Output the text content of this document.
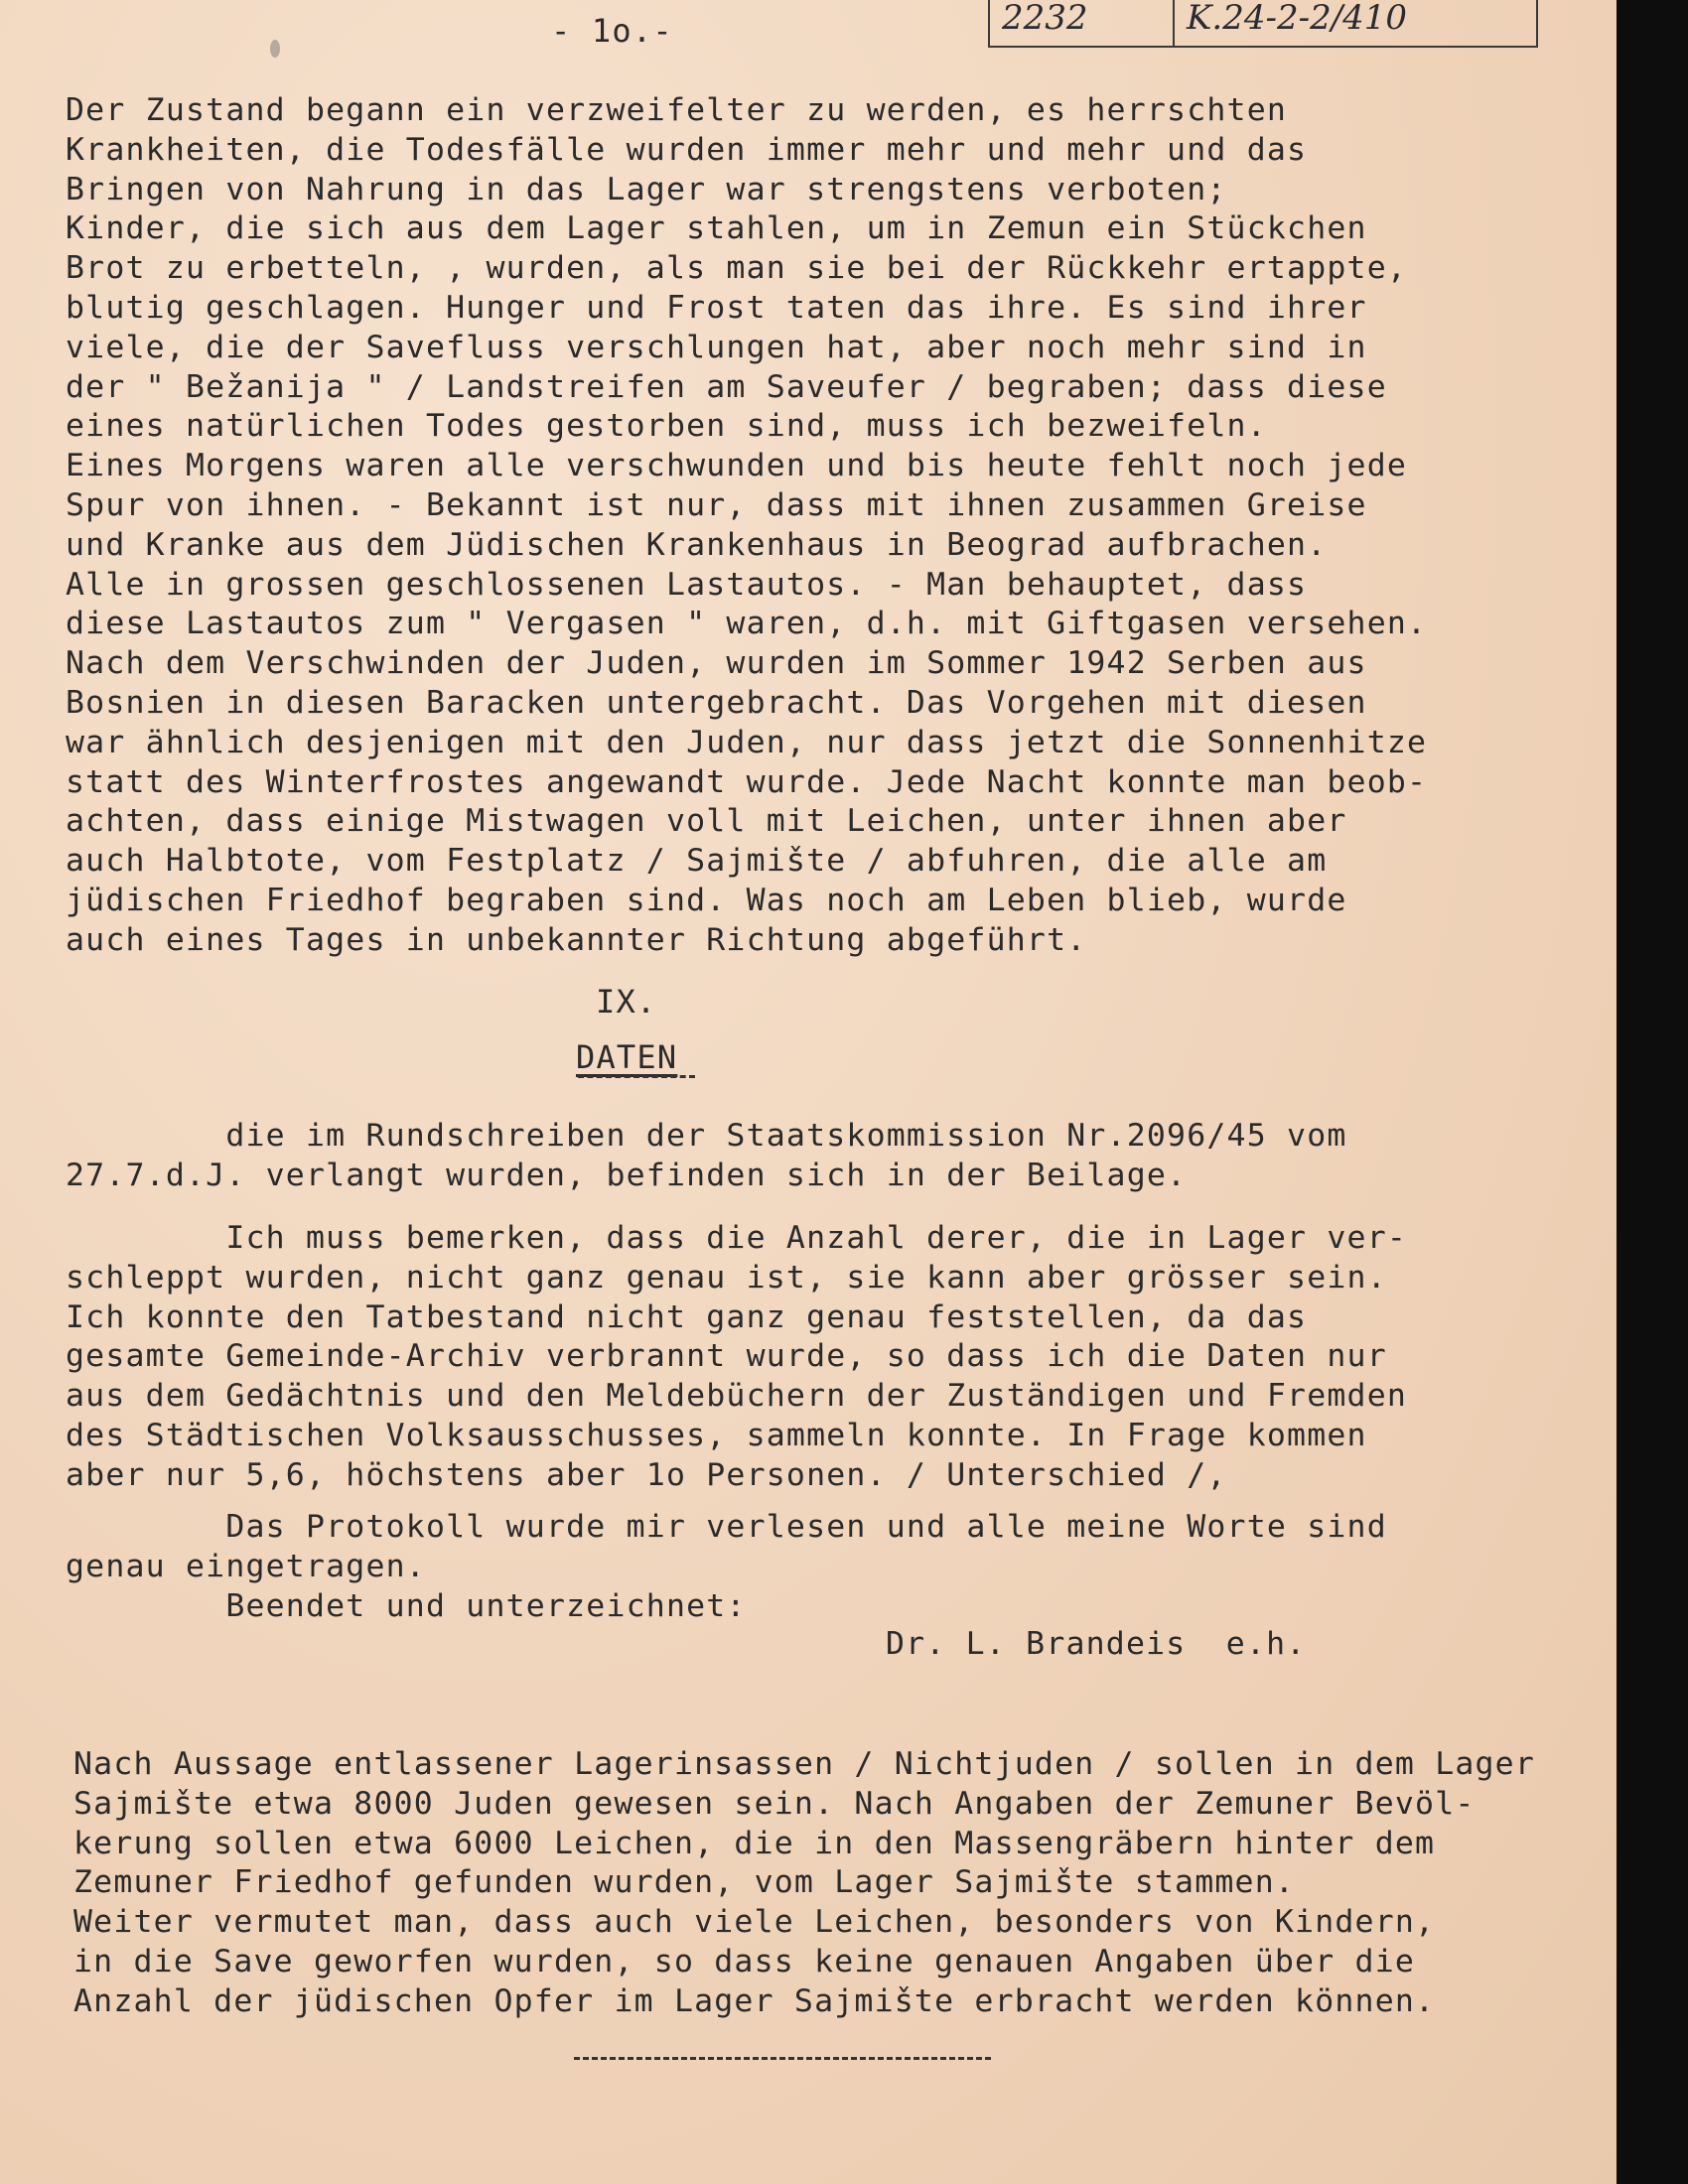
- 1o.-	2232	K.24-2-2/410
Der Zustand begann ein verzweifelter zu werden, es herrschten
Krankheiten, die Todesfälle wurden immer mehr und mehr und das
Bringen von Nahrung in das Lager war strengstens verboten;
Kinder, die sich aus dem Lager stahlen, um in Zemun ein Stückchen
Brot zu erbetteln, , wurden, als man sie bei der Rückkehr ertappte,
blutig geschlagen. Hunger und Frost taten das ihre. Es sind ihrer
viele, die der Savefluss verschlungen hat, aber noch mehr sind in
der " Bežanija " / Landstreifen am Saveufer / begraben; dass diese
eines natürlichen Todes gestorben sind, muss ich bezweifeln.
Eines Morgens waren alle verschwunden und bis heute fehlt noch jede
Spur von ihnen. - Bekannt ist nur, dass mit ihnen zusammen Greise
und Kranke aus dem Jüdischen Krankenhaus in Beograd aufbrachen.
Alle in grossen geschlossenen Lastautos. - Man behauptet, dass
diese Lastautos zum " Vergasen " waren, d.h. mit Giftgasen versehen.
Nach dem Verschwinden der Juden, wurden im Sommer 1942 Serben aus
Bosnien in diesen Baracken untergebracht. Das Vorgehen mit diesen
war ähnlich desjenigen mit den Juden, nur dass jetzt die Sonnenhitze
statt des Winterfrostes angewandt wurde. Jede Nacht konnte man beob-
achten, dass einige Mistwagen voll mit Leichen, unter ihnen aber
auch Halbtote, vom Festplatz / Sajmište / abfuhren, die alle am
jüdischen Friedhof begraben sind. Was noch am Leben blieb, wurde
auch eines Tages in unbekannter Richtung abgeführt.
IX.
DATEN
die im Rundschreiben der Staatskommission Nr.2096/45 vom
27.7.d.J. verlangt wurden, befinden sich in der Beilage.
Ich muss bemerken, dass die Anzahl derer, die in Lager ver-
schleppt wurden, nicht ganz genau ist, sie kann aber grösser sein.
Ich konnte den Tatbestand nicht ganz genau feststellen, da das
gesamte Gemeinde-Archiv verbrannt wurde, so dass ich die Daten nur
aus dem Gedächtnis und den Meldebüchern der Zuständigen und Fremden
des Städtischen Volksausschusses, sammeln konnte. In Frage kommen
aber nur 5,6, höchstens aber 1o Personen. / Unterschied /,
Das Protokoll wurde mir verlesen und alle meine Worte sind
genau eingetragen.
Beendet und unterzeichnet:
Dr. L. Brandeis  e.h.
Nach Aussage entlassener Lagerinsassen / Nichtjuden / sollen in dem Lager
Sajmište etwa 8000 Juden gewesen sein. Nach Angaben der Zemuner Bevöl-
kerung sollen etwa 6000 Leichen, die in den Massengräbern hinter dem
Zemuner Friedhof gefunden wurden, vom Lager Sajmište stammen.
Weiter vermutet man, dass auch viele Leichen, besonders von Kindern,
in die Save geworfen wurden, so dass keine genauen Angaben über die
Anzahl der jüdischen Opfer im Lager Sajmište erbracht werden können.
